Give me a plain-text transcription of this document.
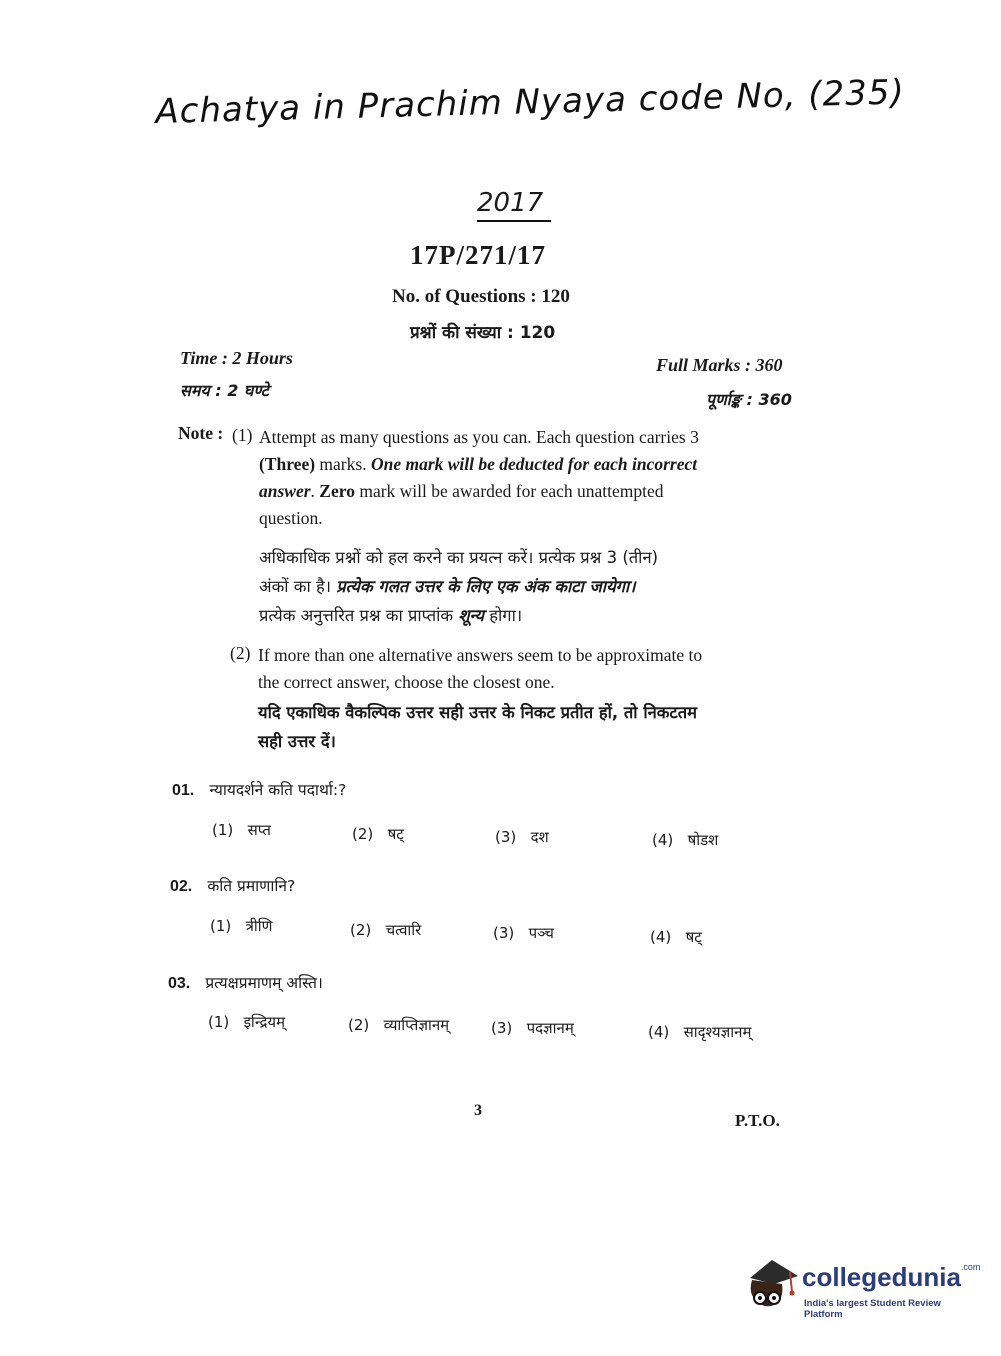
Achatya in Prachim Nyaya code No, (235)
2017
17P/271/17
No. of Questions : 120
प्रश्नों की संख्या : 120
Time : 2 Hours
समय : 2 घण्टे
Full Marks : 360
पूर्णाङ्क : 360
Note : (1) Attempt as many questions as you can. Each question carries 3
(Three) marks. One mark will be deducted for each incorrect
answer. Zero mark will be awarded for each unattempted
question.
अधिकाधिक प्रश्नों को हल करने का प्रयत्न करें। प्रत्येक प्रश्न 3 (तीन)
अंकों का है। प्रत्येक गलत उत्तर के लिए एक अंक काटा जायेगा।
प्रत्येक अनुत्तरित प्रश्न का प्राप्तांक शून्य होगा।
(2) If more than one alternative answers seem to be approximate to
the correct answer, choose the closest one.
यदि एकाधिक वैकल्पिक उत्तर सही उत्तर के निकट प्रतीत हों, तो निकटतम
सही उत्तर दें।
01. न्यायदर्शने कति पदार्था:?
(1) सप्त	(2) षट्	(3) दश	(4) षोडश
02. कति प्रमाणानि?
(1) त्रीणि	(2) चत्वारि	(3) पञ्च	(4) षट्
03. प्रत्यक्षप्रमाणम् अस्ति।
(1) इन्द्रियम्	(2) व्याप्तिज्ञानम्	(3) पदज्ञानम्	(4) सादृश्यज्ञानम्
3
P.T.O.
collegedunia$^{.com}$
India's largest Student Review Platform
